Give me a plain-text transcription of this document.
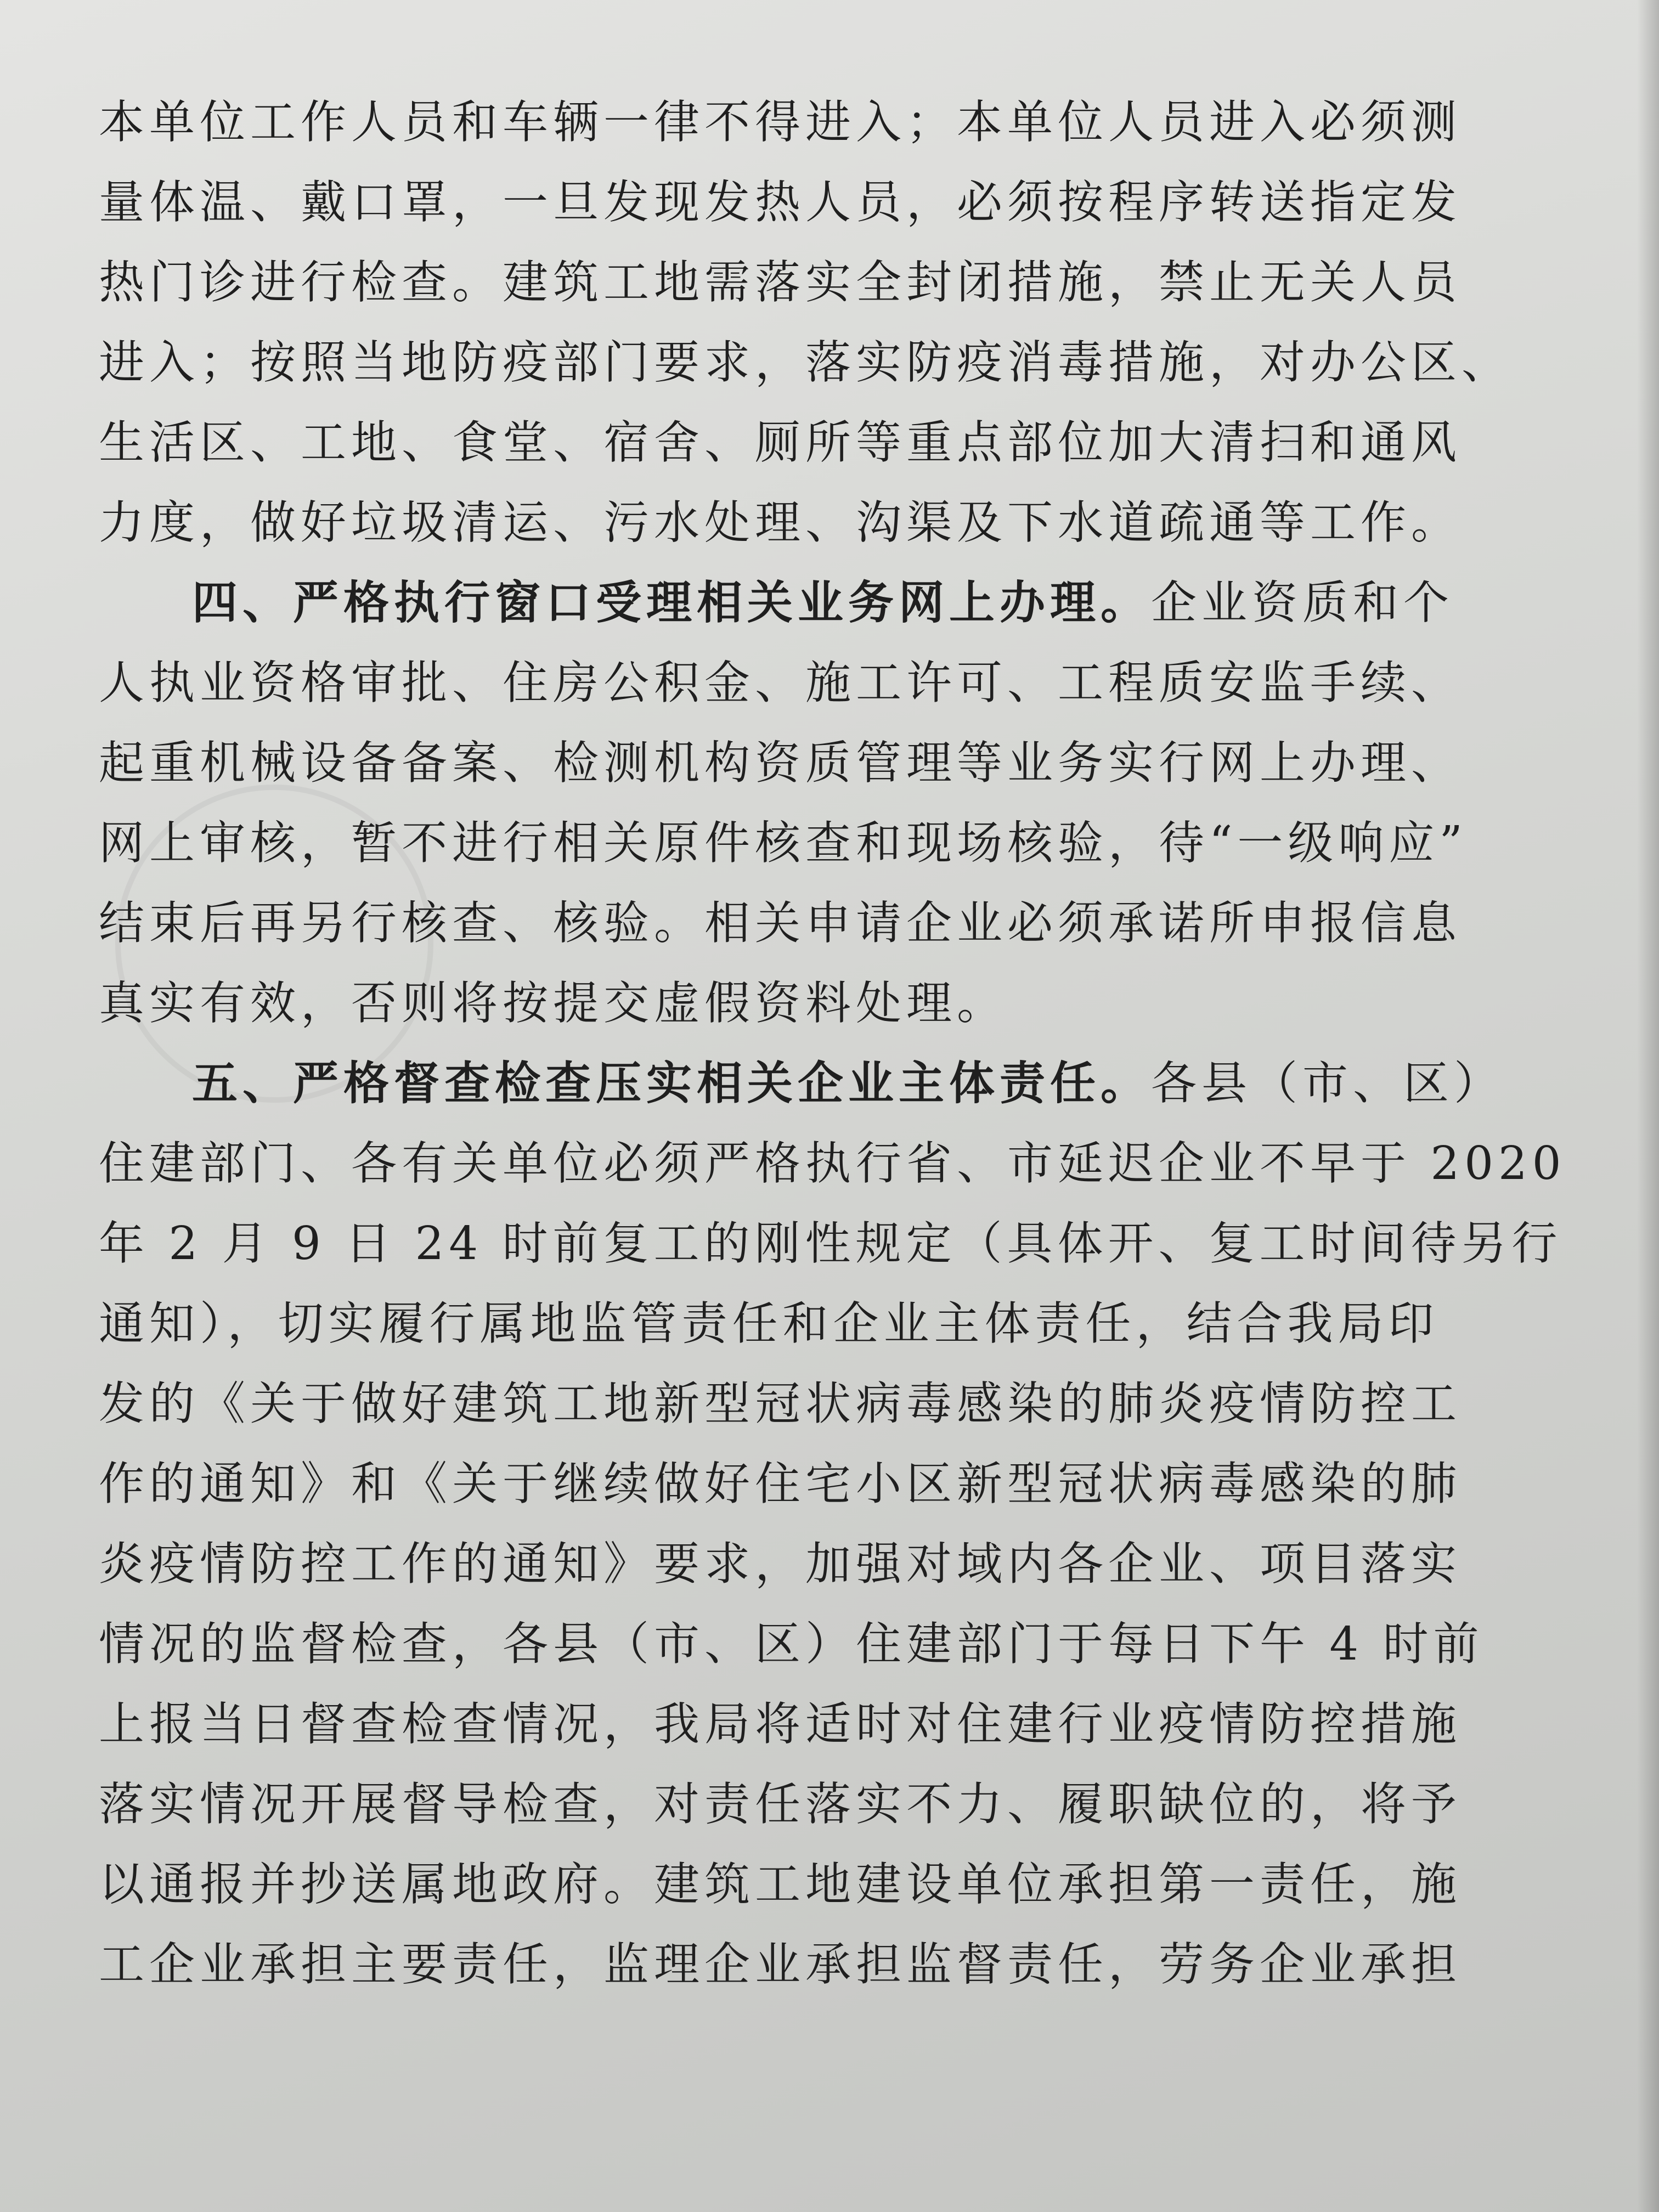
本单位工作人员和车辆一律不得进入；本单位人员进入必须测
量体温、戴口罩，一旦发现发热人员，必须按程序转送指定发
热门诊进行检查。建筑工地需落实全封闭措施，禁止无关人员
进入；按照当地防疫部门要求，落实防疫消毒措施，对办公区、
生活区、工地、食堂、宿舍、厕所等重点部位加大清扫和通风
力度，做好垃圾清运、污水处理、沟渠及下水道疏通等工作。
四、严格执行窗口受理相关业务网上办理。企业资质和个
人执业资格审批、住房公积金、施工许可、工程质安监手续、
起重机械设备备案、检测机构资质管理等业务实行网上办理、
网上审核，暂不进行相关原件核查和现场核验，待“一级响应”
结束后再另行核查、核验。相关申请企业必须承诺所申报信息
真实有效，否则将按提交虚假资料处理。
五、严格督查检查压实相关企业主体责任。各县（市、区）
住建部门、各有关单位必须严格执行省、市延迟企业不早于 2020
年 2 月 9 日 24 时前复工的刚性规定（具体开、复工时间待另行
通知），切实履行属地监管责任和企业主体责任，结合我局印
发的《关于做好建筑工地新型冠状病毒感染的肺炎疫情防控工
作的通知》和《关于继续做好住宅小区新型冠状病毒感染的肺
炎疫情防控工作的通知》要求，加强对域内各企业、项目落实
情况的监督检查，各县（市、区）住建部门于每日下午 4 时前
上报当日督查检查情况，我局将适时对住建行业疫情防控措施
落实情况开展督导检查，对责任落实不力、履职缺位的，将予
以通报并抄送属地政府。建筑工地建设单位承担第一责任，施
工企业承担主要责任，监理企业承担监督责任，劳务企业承担
